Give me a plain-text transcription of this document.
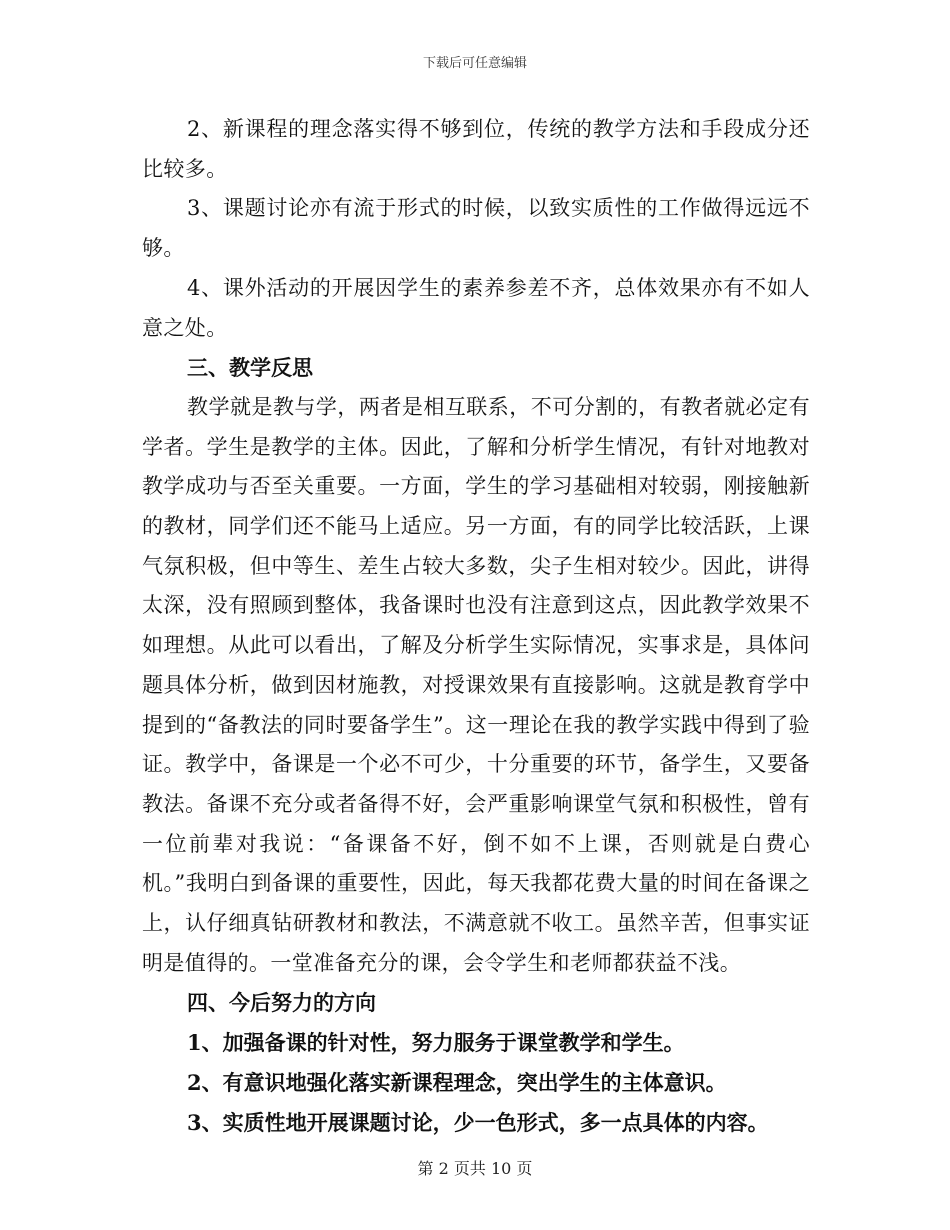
下载后可任意编辑

2、新课程的理念落实得不够到位，传统的教学方法和手段成分还比较多。

3、课题讨论亦有流于形式的时候，以致实质性的工作做得远远不够。

4、课外活动的开展因学生的素养参差不齐，总体效果亦有不如人意之处。

三、教学反思

教学就是教与学，两者是相互联系，不可分割的，有教者就必定有学者。学生是教学的主体。因此，了解和分析学生情况，有针对地教对教学成功与否至关重要。一方面，学生的学习基础相对较弱，刚接触新的教材，同学们还不能马上适应。另一方面，有的同学比较活跃，上课气氛积极，但中等生、差生占较大多数，尖子生相对较少。因此，讲得太深，没有照顾到整体，我备课时也没有注意到这点，因此教学效果不如理想。从此可以看出，了解及分析学生实际情况，实事求是，具体问题具体分析，做到因材施教，对授课效果有直接影响。这就是教育学中提到的“备教法的同时要备学生”。这一理论在我的教学实践中得到了验证。教学中，备课是一个必不可少，十分重要的环节，备学生，又要备教法。备课不充分或者备得不好，会严重影响课堂气氛和积极性，曾有一位前辈对我说：“备课备不好，倒不如不上课，否则就是白费心机。”我明白到备课的重要性，因此，每天我都花费大量的时间在备课之上，认仔细真钻研教材和教法，不满意就不收工。虽然辛苦，但事实证明是值得的。一堂准备充分的课，会令学生和老师都获益不浅。

四、今后努力的方向

1、加强备课的针对性，努力服务于课堂教学和学生。

2、有意识地强化落实新课程理念，突出学生的主体意识。

3、实质性地开展课题讨论，少一色形式，多一点具体的内容。

第 2 页共 10 页
